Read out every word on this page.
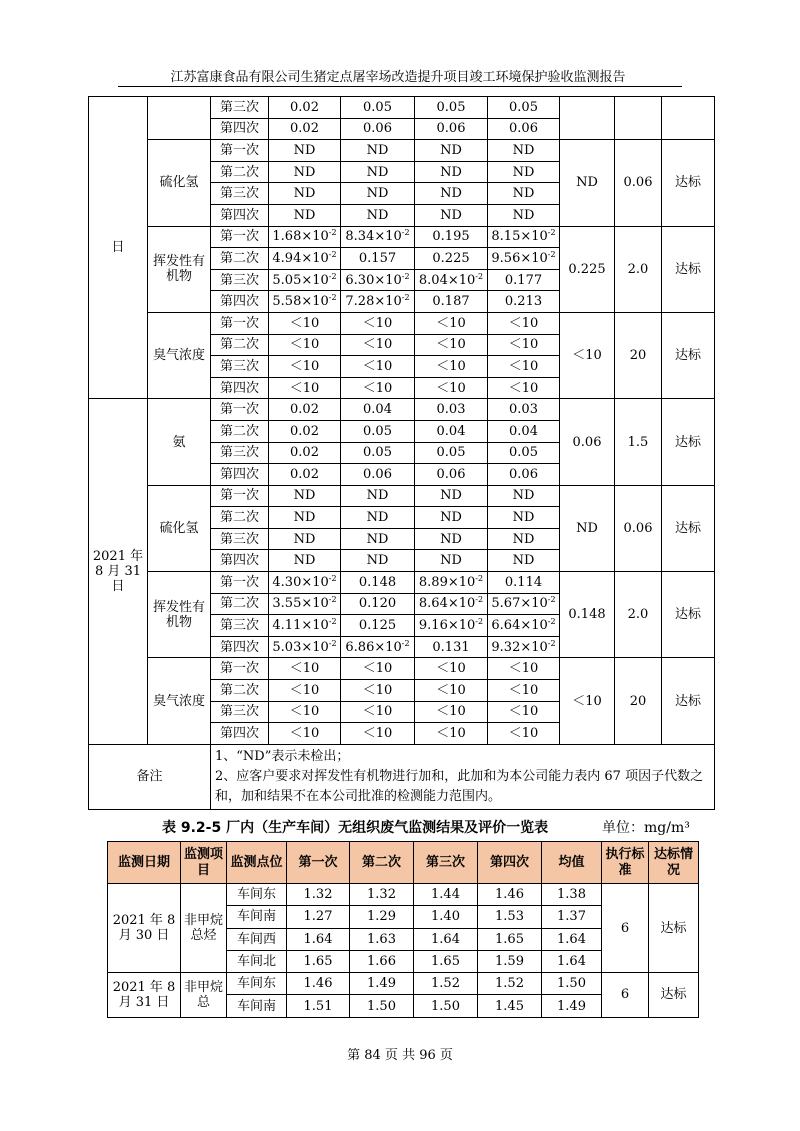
江苏富康食品有限公司生猪定点屠宰场改造提升项目竣工环境保护验收监测报告
日		第三次	0.02	0.05	0.05	0.05			
		第四次	0.02	0.06	0.06	0.06			
	硫化氢	第一次	ND	ND	ND	ND	ND	0.06	达标
		第二次	ND	ND	ND	ND			
		第三次	ND	ND	ND	ND			
		第四次	ND	ND	ND	ND			
	挥发性有机物	第一次	$1.68\times 10^{-2}$	$8.34\times 10^{-2}$	0.195	$8.15\times 10^{-2}$	0.225	2.0	达标
		第二次	$4.94\times 10^{-2}$	0.157	0.225	$9.56\times 10^{-2}$
		第三次	$5.05\times 10^{-2}$	$6.30\times 10^{-2}$	$8.04\times 10^{-2}$	0.177			
		第四次	$5.58\times 10^{-2}$	$7.28\times 10^{-2}$	0.187	0.213			
	臭气浓度	第一次	＜10	＜10	＜10	＜10	＜10	20	达标
		第二次	＜10	＜10	＜10	＜10			
		第三次	＜10	＜10	＜10	＜10			
		第四次	＜10	＜10	＜10	＜10			
2021 年 8 月 31 日	氨	第一次	0.02	0.04	0.03	0.03	0.06	1.5	达标
		第二次	0.02	0.05	0.04	0.04			
		第三次	0.02	0.05	0.05	0.05			
		第四次	0.02	0.06	0.06	0.06			
	硫化氢	第一次	ND	ND	ND	ND	ND	0.06	达标
		第二次	ND	ND	ND	ND			
		第三次	ND	ND	ND	ND			
		第四次	ND	ND	ND	ND			
	挥发性有机物	第一次	$4.30\times 10^{-2}$	0.148	$8.89\times 10^{-2}$	0.114	0.148	2.0	达标
		第二次	$3.55\times 10^{-2}$	0.120	$8.64\times 10^{-2}$	$5.67\times 10^{-2}$
		第三次	$4.11\times 10^{-2}$	0.125	$9.16\times 10^{-2}$	$6.64\times 10^{-2}$
		第四次	$5.03\times 10^{-2}$	$6.86\times 10^{-2}$	0.131	$9.32\times 10^{-2}$
	臭气浓度	第一次	＜10	＜10	＜10	＜10	＜10	20	达标
		第二次	＜10	＜10	＜10	＜10			
		第三次	＜10	＜10	＜10	＜10			
		第四次	＜10	＜10	＜10	＜10			
备注		1、“ND”表示未检出；
2、应客户要求对挥发性有机物进行加和，此加和为本公司能力表内 67 项因子代数之和，加和结果不在本公司批准的检测能力范围内。							
表 9.2-5 厂内（生产车间）无组织废气监测结果及评价一览表	单位：mg/m³
监测日期	监测项目	监测点位	第一次	第二次	第三次	第四次	均值	执行标准	达标情况
2021 年 8 月 30 日	非甲烷总烃	车间东	1.32	1.32	1.44	1.46	1.38	6	达标
		车间南	1.27	1.29	1.40	1.53	1.37		
		车间西	1.64	1.63	1.64	1.65	1.64		
		车间北	1.65	1.66	1.65	1.59	1.64		
2021 年 8 月 31 日	非甲烷总	车间东	1.46	1.49	1.52	1.52	1.50	6	达标
		车间南	1.51	1.50	1.50	1.45	1.49		
第 84 页 共 96 页
